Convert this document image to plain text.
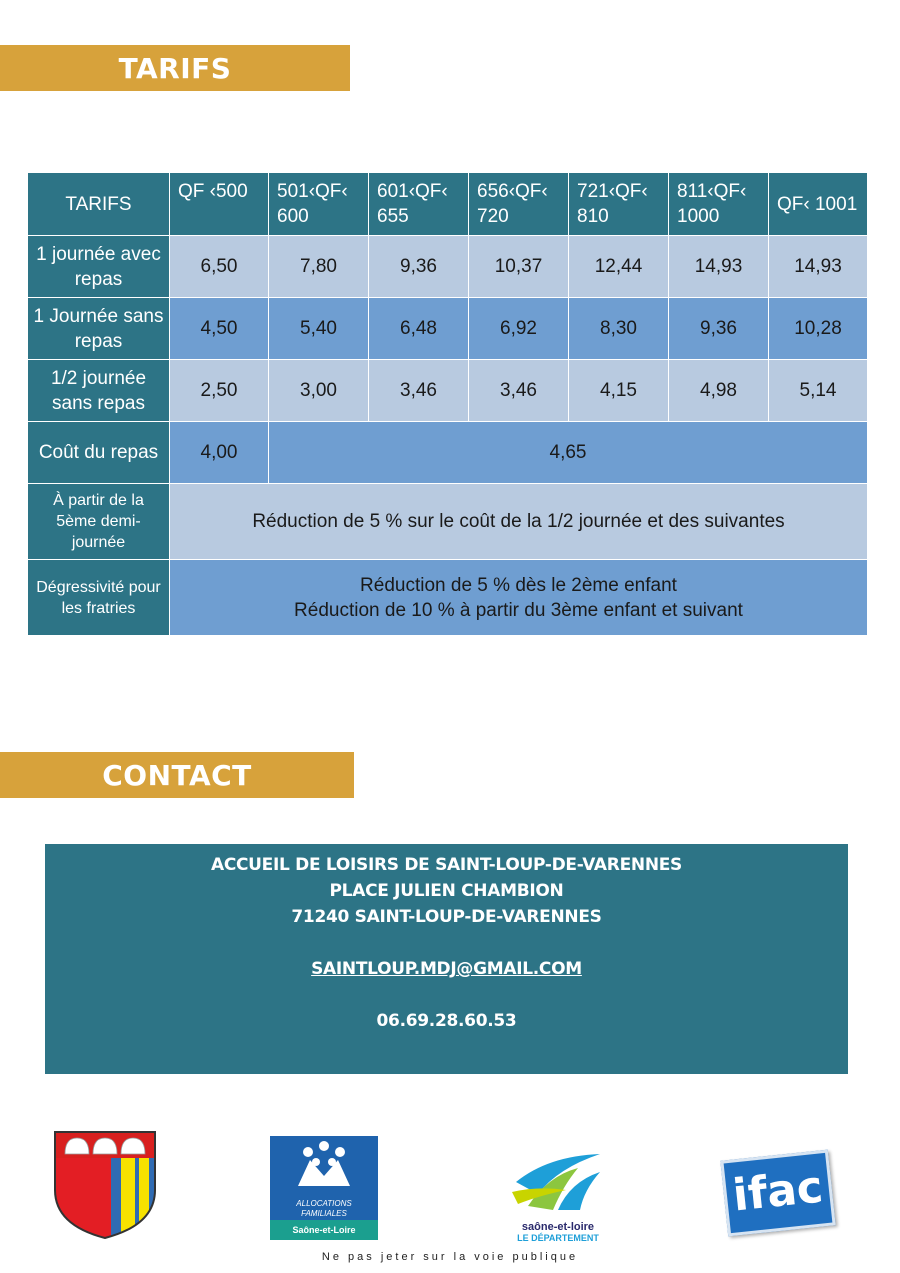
TARIFS
TARIFS	QF ‹500	501‹QF‹ 600	601‹QF‹ 655	656‹QF‹ 720	721‹QF‹ 810	811‹QF‹ 1000	QF‹ 1001
1 journée avec repas	6,50	7,80	9,36	10,37	12,44	14,93	14,93
1 Journée sans repas	4,50	5,40	6,48	6,92	8,30	9,36	10,28
1/2 journée sans repas	2,50	3,00	3,46	3,46	4,15	4,98	5,14
Coût du repas	4,00	4,65					
À partir de la 5ème demi-journée	Réduction de 5 % sur le coût de la 1/2 journée et des suivantes						
Dégressivité pour les fratries	Réduction de 5 % dès le 2ème enfant
Réduction de 10 % à partir du 3ème enfant et suivant						
CONTACT
ACCUEIL DE LOISIRS DE SAINT-LOUP-DE-VARENNES
PLACE JULIEN CHAMBION
71240 SAINT-LOUP-DE-VARENNES
SAINTLOUP.MDJ@GMAIL.COM
06.69.28.60.53
ALLOCATIONS
FAMILIALES
Saône-et-Loire	saône-et-loire
LE DÉPARTEMENT
ifac
Ne pas jeter sur la voie publique
